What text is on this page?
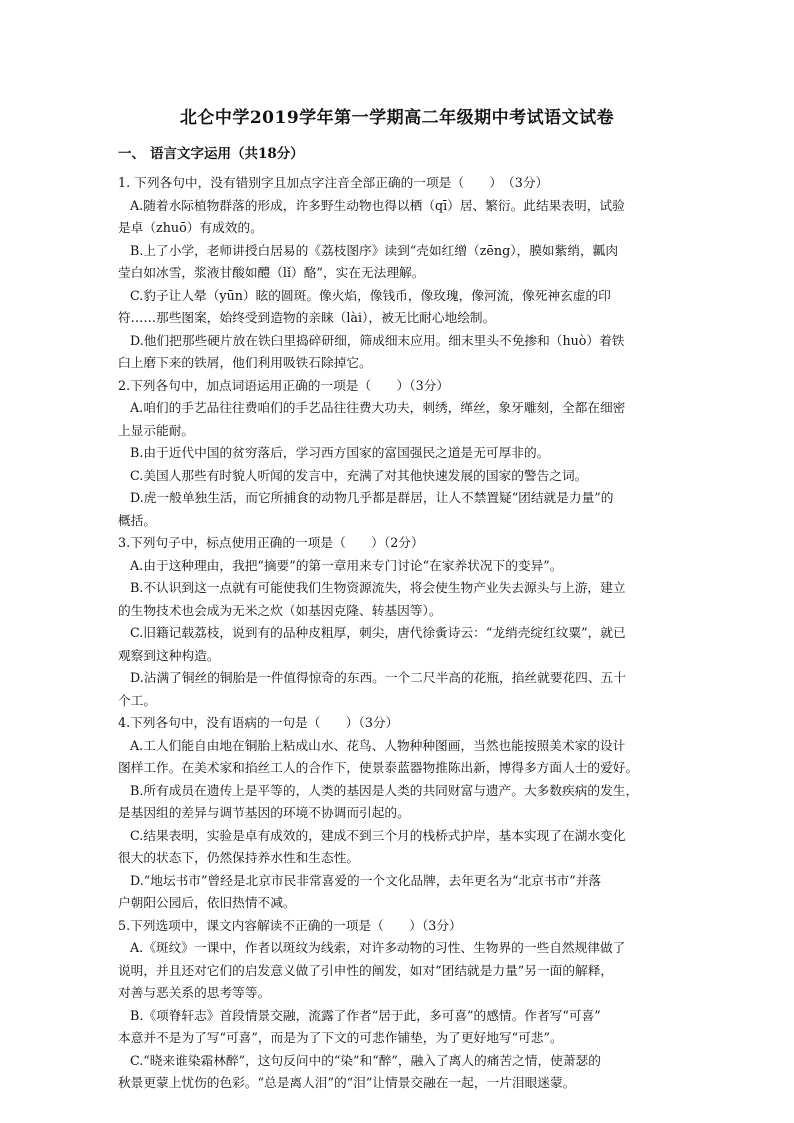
北仑中学2019学年第一学期高二年级期中考试语文试卷
一、 语言文字运用（共18分）

1. 下列各句中，没有错别字且加点字注音全部正确的一项是（　　）　（3分）

A.随着水际植物群落的形成，许多野生动物也得以栖（qī）居、繁衍。此结果表明，试验

是卓（zhuō）有成效的。

B.上了小学，老师讲授白居易的《荔枝图序》读到“壳如红缯（zēng），膜如紫绡，瓤肉

莹白如冰雪，浆液甘酸如醴（lǐ）酪”，实在无法理解。

C.豹子让人晕（yūn）眩的圆斑。像火焰，像钱币，像玫瑰，像河流，像死神玄虚的印

符……那些图案，始终受到造物的亲睐（lài），被无比耐心地绘制。

D.他们把那些硬片放在铁臼里捣碎研细，筛成细末应用。细末里头不免掺和（huò）着铁

臼上磨下来的铁屑，他们利用吸铁石除掉它。

2.下列各句中，加点词语运用正确的一项是（　　）（3分）

A.咱们的手艺品往往费咱们的手艺品往往费大功夫，刺绣，缂丝，象牙雕刻，全都在细密

上显示能耐。

B.由于近代中国的贫穷落后，学习西方国家的富国强民之道是无可厚非的。

C.美国人那些有时貌人听闻的发言中，充满了对其他快速发展的国家的警告之词。

D.虎一般单独生活，而它所捕食的动物几乎都是群居，让人不禁置疑“团结就是力量”的

概括。

3.下列句子中，标点使用正确的一项是（　　）（2分）

A.由于这种理由，我把“摘要”的第一章用来专门讨论“在家养状况下的变异”。

B.不认识到这一点就有可能使我们生物资源流失，将会使生物产业失去源头与上游，建立

的生物技术也会成为无米之炊（如基因克隆、转基因等）。

C.旧籍记载荔枝，说到有的品种皮粗厚，刺尖，唐代徐夤诗云：“龙绡壳绽红纹粟”，就已

观察到这种构造。

D.沾满了铜丝的铜胎是一件值得惊奇的东西。一个二尺半高的花瓶，掐丝就要花四、五十

个工。

4.下列各句中，没有语病的一句是（　　）（3分）

A.工人们能自由地在铜胎上粘成山水、花鸟、人物种种图画，当然也能按照美术家的设计

图样工作。在美术家和掐丝工人的合作下，使景泰蓝器物推陈出新，博得多方面人士的爱好。

B.所有成员在遗传上是平等的，人类的基因是人类的共同财富与遗产。大多数疾病的发生，

是基因组的差异与调节基因的环境不协调而引起的。

C.结果表明，实验是卓有成效的，建成不到三个月的栈桥式护岸，基本实现了在湖水变化

很大的状态下，仍然保持养水性和生态性。

D.“地坛书市”曾经是北京市民非常喜爱的一个文化品牌，去年更名为“北京书市”并落

户朝阳公园后，依旧热情不减。

5.下列选项中，课文内容解读不正确的一项是（　　）（3分）

A.《斑纹》一课中，作者以斑纹为线索，对许多动物的习性、生物界的一些自然规律做了

说明，并且还对它们的启发意义做了引申性的阐发，如对“团结就是力量”另一面的解释，

对善与恶关系的思考等等。

B.《项脊轩志》首段情景交融，流露了作者“居于此，多可喜”的感情。作者写“可喜”

本意并不是为了写“可喜”，而是为了下文的可悲作铺垫，为了更好地写“可悲”。

C.“晓来谁染霜林醉”，这句反问中的“染”和“醉”，融入了离人的痛苦之情，使萧瑟的

秋景更蒙上忧伤的色彩。“总是离人泪”的“泪”让情景交融在一起，一片泪眼迷蒙。
